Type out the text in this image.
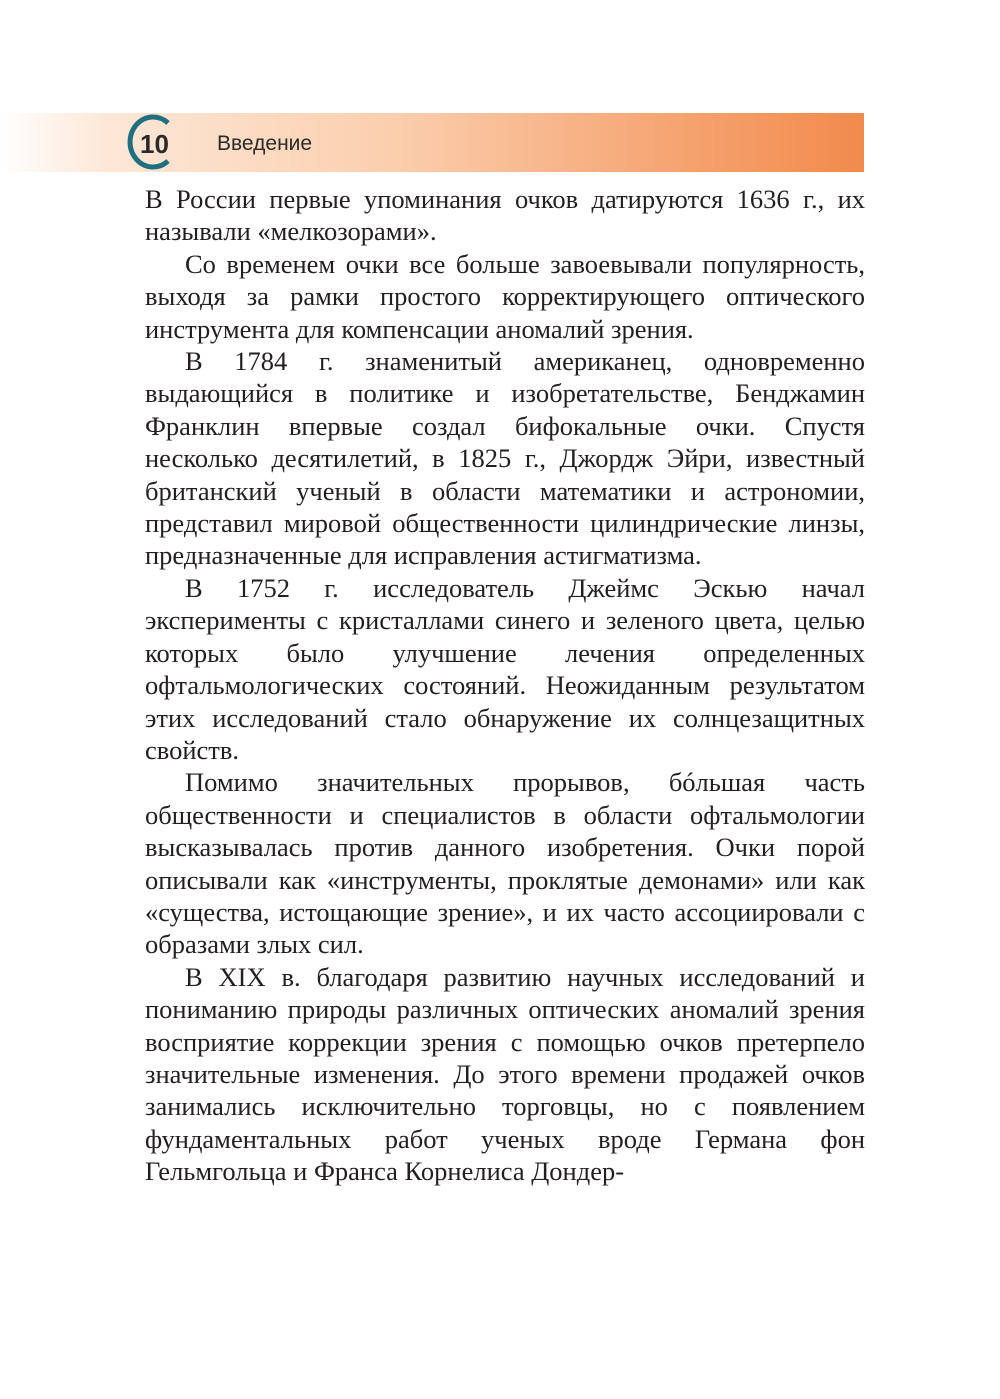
10	Введение

В России первые упоминания очков датируются 1636 г., их называли «мелкозорами».

Со временем очки все больше завоевывали популярность, выходя за рамки простого корректирующего оптического инструмента для компенсации аномалий зрения.

В 1784 г. знаменитый американец, одновременно выдающийся в политике и изобретательстве, Бенджамин Франклин впервые создал бифокальные очки. Спустя несколько десятилетий, в 1825 г., Джордж Эйри, известный британский ученый в области математики и астрономии, представил мировой общественности цилиндрические линзы, предназначенные для исправления астигматизма.

В 1752 г. исследователь Джеймс Эскью начал эксперименты с кристаллами синего и зеленого цвета, целью которых было улучшение лечения определенных офтальмологических состояний. Неожиданным результатом этих исследований стало обнаружение их солнцезащитных свойств.

Помимо значительных прорывов, бóльшая часть общественности и специалистов в области офтальмологии высказывалась против данного изобретения. Очки порой описывали как «инструменты, проклятые демонами» или как «существа, истощающие зрение», и их часто ассоциировали с образами злых сил.

В XIX в. благодаря развитию научных исследований и пониманию природы различных оптических аномалий зрения восприятие коррекции зрения с помощью очков претерпело значительные изменения. До этого времени продажей очков занимались исключительно торговцы, но с появлением фундаментальных работ ученых вроде Германа фон Гельмгольца и Франса Корнелиса Дондер-
